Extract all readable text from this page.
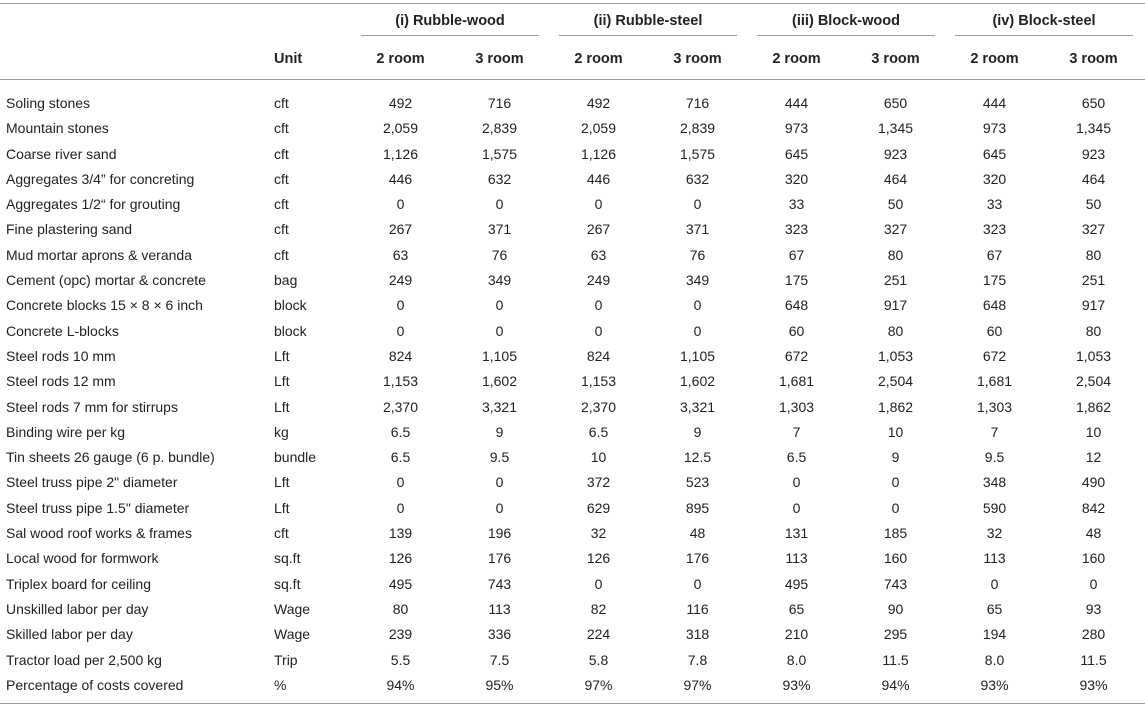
		(i) Rubble-wood		(ii) Rubble-steel		(iii) Block-wood		(iv) Block-steel	

	Unit	2 room	3 room	2 room	3 room	2 room	3 room	2 room	3 room

Soling stones	cft	492	716	492	716	444	650	444	650
Mountain stones	cft	2,059	2,839	2,059	2,839	973	1,345	973	1,345
Coarse river sand	cft	1,126	1,575	1,126	1,575	645	923	645	923
Aggregates 3/4” for concreting	cft	446	632	446	632	320	464	320	464
Aggregates 1/2“ for grouting	cft	0	0	0	0	33	50	33	50
Fine plastering sand	cft	267	371	267	371	323	327	323	327
Mud mortar aprons & veranda	cft	63	76	63	76	67	80	67	80
Cement (opc) mortar & concrete	bag	249	349	249	349	175	251	175	251
Concrete blocks 15 × 8 × 6 inch	block	0	0	0	0	648	917	648	917
Concrete L-blocks	block	0	0	0	0	60	80	60	80
Steel rods 10 mm	Lft	824	1,105	824	1,105	672	1,053	672	1,053
Steel rods 12 mm	Lft	1,153	1,602	1,153	1,602	1,681	2,504	1,681	2,504
Steel rods 7 mm for stirrups	Lft	2,370	3,321	2,370	3,321	1,303	1,862	1,303	1,862
Binding wire per kg	kg	6.5	9	6.5	9	7	10	7	10
Tin sheets 26 gauge (6 p. bundle)	bundle	6.5	9.5	10	12.5	6.5	9	9.5	12
Steel truss pipe 2" diameter	Lft	0	0	372	523	0	0	348	490
Steel truss pipe 1.5" diameter	Lft	0	0	629	895	0	0	590	842
Sal wood roof works & frames	cft	139	196	32	48	131	185	32	48
Local wood for formwork	sq.ft	126	176	126	176	113	160	113	160
Triplex board for ceiling	sq.ft	495	743	0	0	495	743	0	0
Unskilled labor per day	Wage	80	113	82	116	65	90	65	93
Skilled labor per day	Wage	239	336	224	318	210	295	194	280
Tractor load per 2,500 kg	Trip	5.5	7.5	5.8	7.8	8.0	11.5	8.0	11.5
Percentage of costs covered	%	94%	95%	97%	97%	93%	94%	93%	93%
